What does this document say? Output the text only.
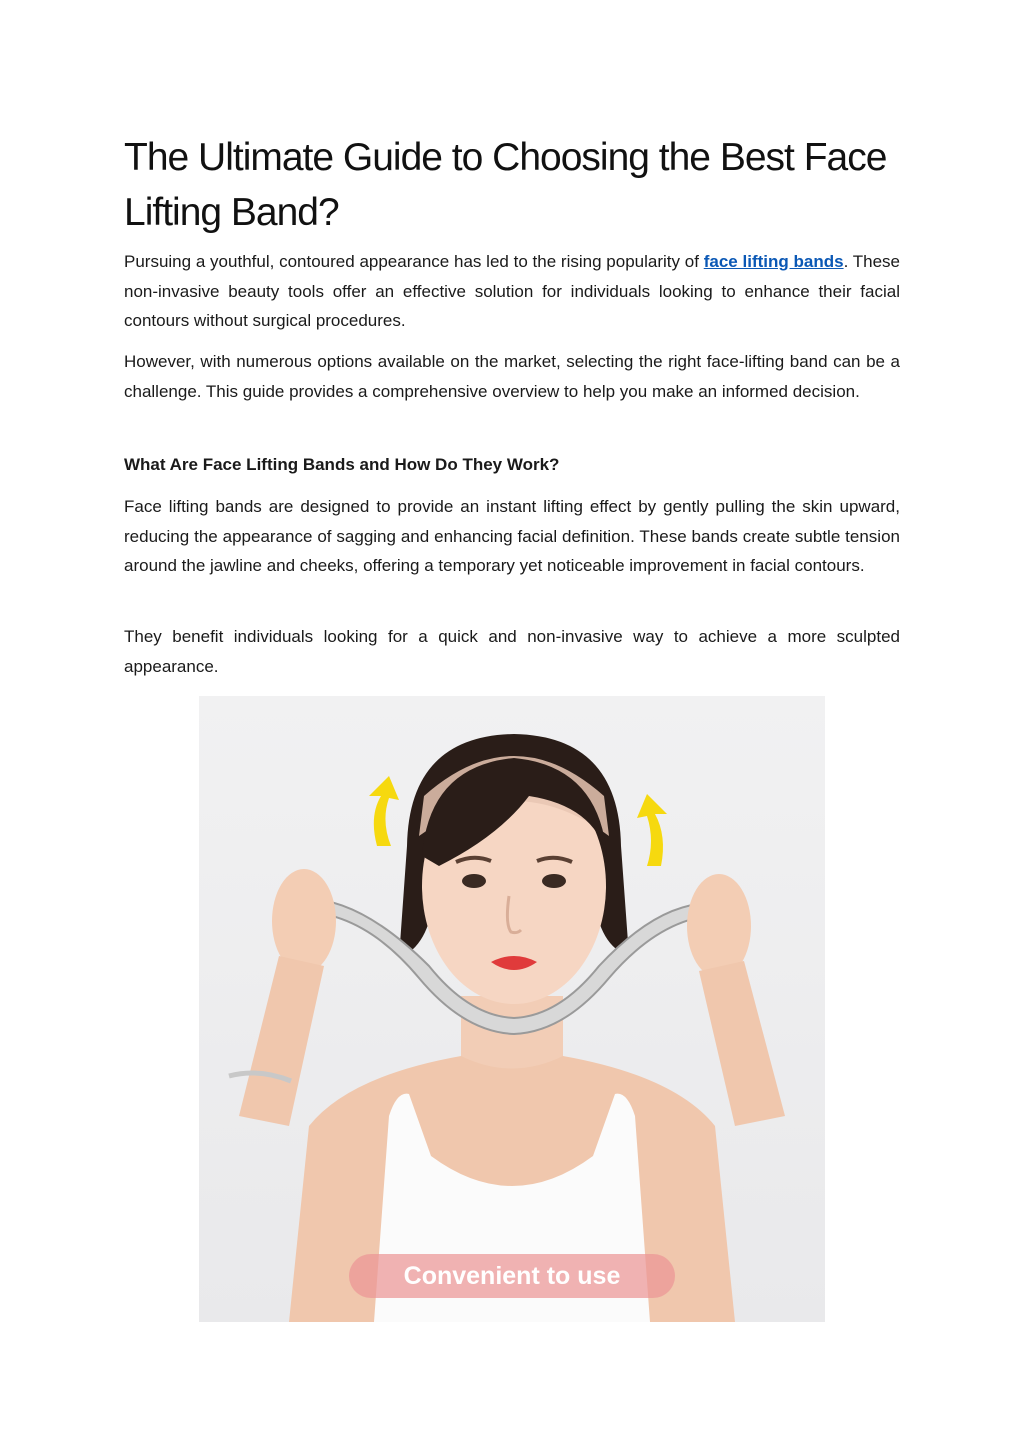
The Ultimate Guide to Choosing the Best Face Lifting Band?

Pursuing a youthful, contoured appearance has led to the rising popularity of face lifting bands. These non-invasive beauty tools offer an effective solution for individuals looking to enhance their facial contours without surgical procedures.

However, with numerous options available on the market, selecting the right face-lifting band can be a challenge. This guide provides a comprehensive overview to help you make an informed decision.

What Are Face Lifting Bands and How Do They Work?

Face lifting bands are designed to provide an instant lifting effect by gently pulling the skin upward, reducing the appearance of sagging and enhancing facial definition. These bands create subtle tension around the jawline and cheeks, offering a temporary yet noticeable improvement in facial contours.

They benefit individuals looking for a quick and non-invasive way to achieve a more sculpted appearance.

Convenient to use
